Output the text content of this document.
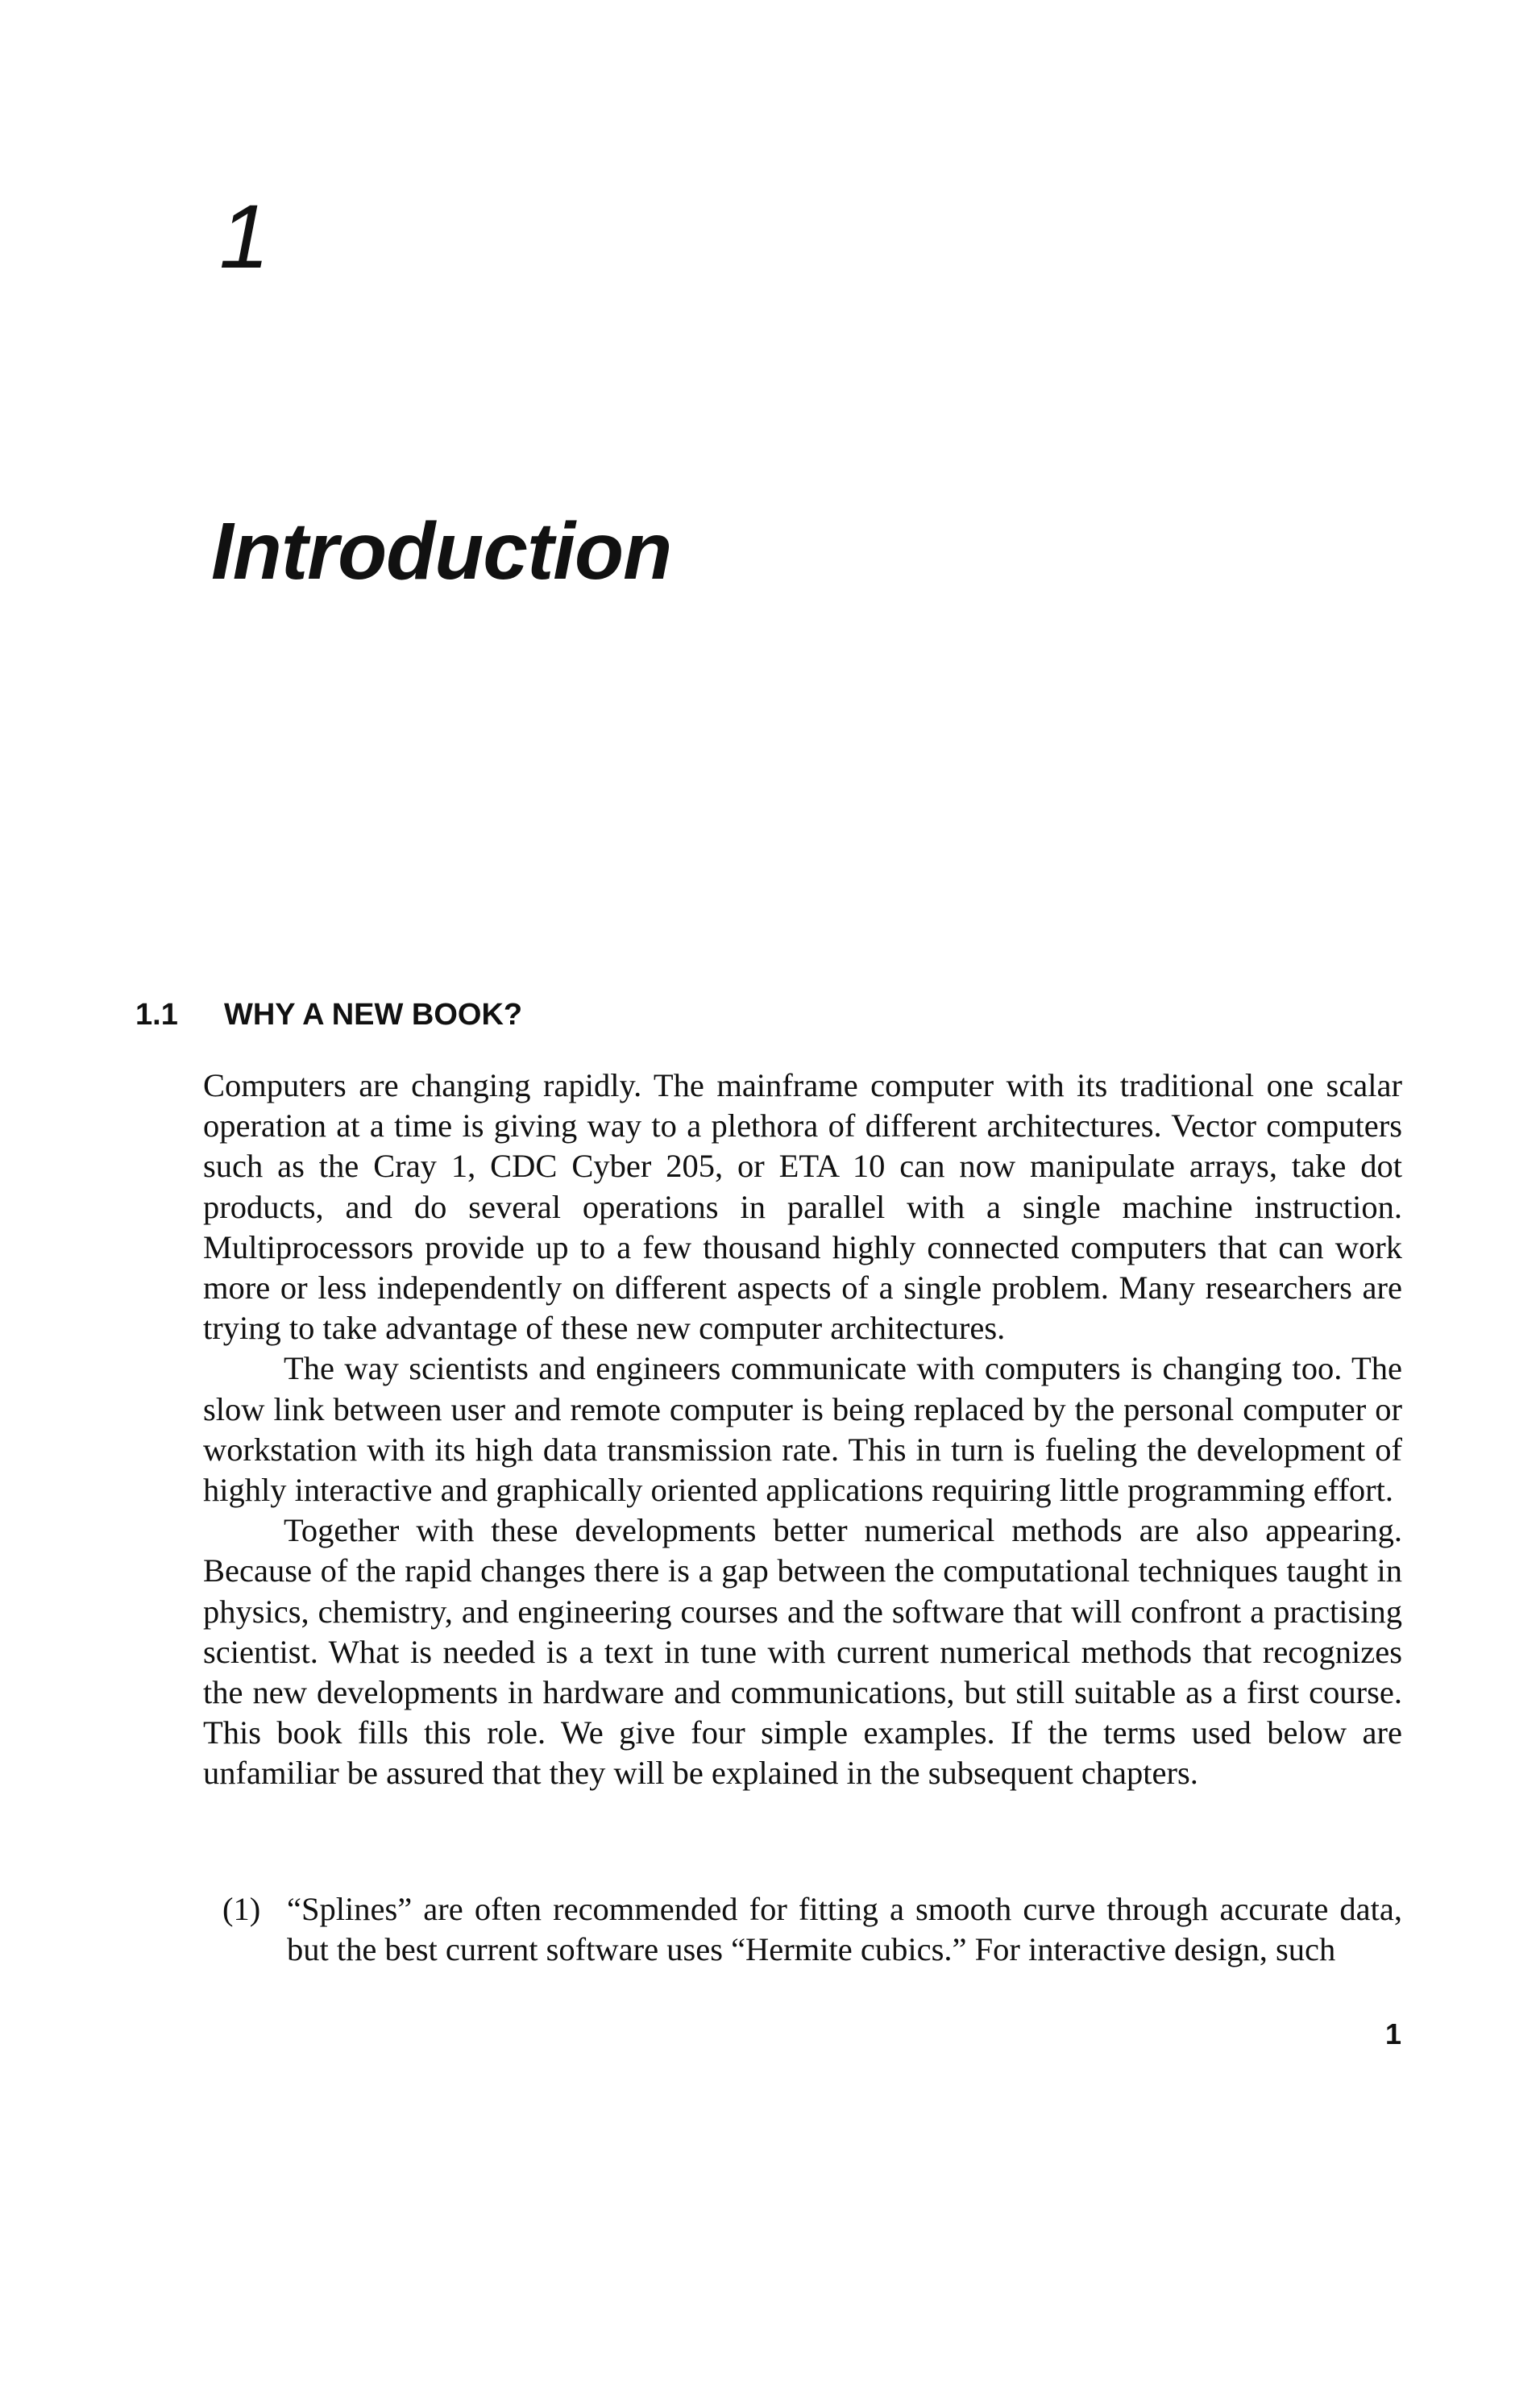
1
Introduction
1.1 WHY A NEW BOOK?

Computers are changing rapidly. The mainframe computer with its traditional one scalar operation at a time is giving way to a plethora of different architectures. Vector computers such as the Cray 1, CDC Cyber 205, or ETA 10 can now manipulate arrays, take dot products, and do several operations in parallel with a single machine instruction. Multiprocessors provide up to a few thousand highly connected computers that can work more or less independently on different aspects of a single problem. Many researchers are trying to take advantage of these new computer architectures.

The way scientists and engineers communicate with computers is changing too. The slow link between user and remote computer is being replaced by the personal computer or workstation with its high data transmission rate. This in turn is fueling the development of highly interactive and graphically oriented applications requiring little programming effort.

Together with these developments better numerical methods are also appearing. Because of the rapid changes there is a gap between the computational techniques taught in physics, chemistry, and engineering courses and the software that will confront a practising scientist. What is needed is a text in tune with current numerical methods that recognizes the new developments in hardware and communications, but still suitable as a first course. This book fills this role. We give four simple examples. If the terms used below are unfamiliar be assured that they will be explained in the subsequent chapters.

(1) “Splines” are often recommended for fitting a smooth curve through accurate data, but the best current software uses “Hermite cubics.” For interactive design, such
1
